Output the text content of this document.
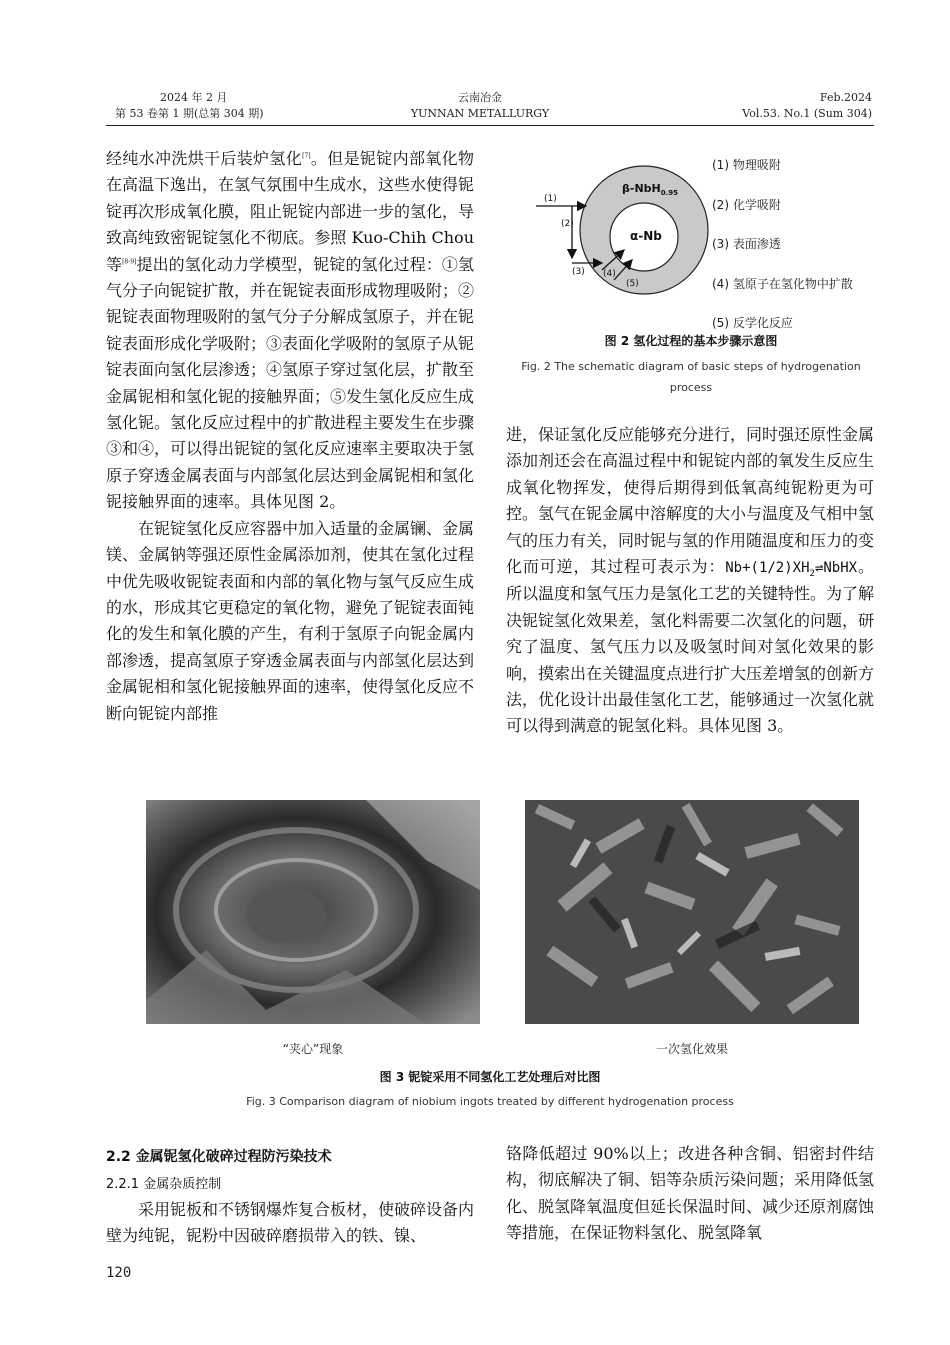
2024 年 2 月
第 53 卷第 1 期(总第 304 期)
云南冶金
YUNNAN METALLURGY
Feb.2024
Vol.53. No.1 (Sum 304)

经纯水冲洗烘干后装炉氢化[7]。但是铌锭内部氧化物在高温下逸出，在氢气氛围中生成水，这些水使得铌锭再次形成氧化膜，阻止铌锭内部进一步的氢化，导致高纯致密铌锭氢化不彻底。参照 Kuo-Chih Chou 等[8-9]提出的氢化动力学模型，铌锭的氢化过程：①氢气分子向铌锭扩散，并在铌锭表面形成物理吸附；②铌锭表面物理吸附的氢气分子分解成氢原子，并在铌锭表面形成化学吸附；③表面化学吸附的氢原子从铌锭表面向氢化层渗透；④氢原子穿过氢化层，扩散至金属铌相和氢化铌的接触界面；⑤发生氢化反应生成氢化铌。氢化反应过程中的扩散进程主要发生在步骤③和④，可以得出铌锭的氢化反应速率主要取决于氢原子穿透金属表面与内部氢化层达到金属铌相和氢化铌接触界面的速率。具体见图 2。

在铌锭氢化反应容器中加入适量的金属镧、金属镁、金属钠等强还原性金属添加剂，使其在氢化过程中优先吸收铌锭表面和内部的氧化物与氢气反应生成的水，形成其它更稳定的氧化物，避免了铌锭表面钝化的发生和氧化膜的产生，有利于氢原子向铌金属内部渗透，提高氢原子穿透金属表面与内部氢化层达到金属铌相和氢化铌接触界面的速率，使得氢化反应不断向铌锭内部推

β-NbH$_{0.95}$
α-Nb
(1)
(2)
(3) (4)
(5)
(1) 物理吸附
(2) 化学吸附
(3) 表面渗透
(4) 氢原子在氢化物中扩散
(5) 反学化反应
图 2 氢化过程的基本步骤示意图
Fig. 2 The schematic diagram of basic steps of hydrogenation
process

进，保证氢化反应能够充分进行，同时强还原性金属添加剂还会在高温过程中和铌锭内部的氧发生反应生成氧化物挥发，使得后期得到低氧高纯铌粉更为可控。氢气在铌金属中溶解度的大小与温度及气相中氢气的压力有关，同时铌与氢的作用随温度和压力的变化而可逆，其过程可表示为：$Nb+(1/2)XH_2\rightleftharpoons NbHX$。所以温度和氢气压力是氢化工艺的关键特性。为了解决铌锭氢化效果差，氢化料需要二次氢化的问题，研究了温度、氢气压力以及吸氢时间对氢化效果的影响，摸索出在关键温度点进行扩大压差增氢的创新方法，优化设计出最佳氢化工艺，能够通过一次氢化就可以得到满意的铌氢化料。具体见图 3。

“夹心”现象	一次氢化效果
图 3 铌锭采用不同氢化工艺处理后对比图
Fig. 3 Comparison diagram of niobium ingots treated by different hydrogenation process
2.2 金属铌氢化破碎过程防污染技术
2.2.1 金属杂质控制

采用铌板和不锈钢爆炸复合板材，使破碎设备内壁为纯铌，铌粉中因破碎磨损带入的铁、镍、

铬降低超过 90%以上；改进各种含铜、铝密封件结构，彻底解决了铜、铝等杂质污染问题；采用降低氢化、脱氢降氧温度但延长保温时间、减少还原剂腐蚀等措施，在保证物料氢化、脱氢降氧

120
